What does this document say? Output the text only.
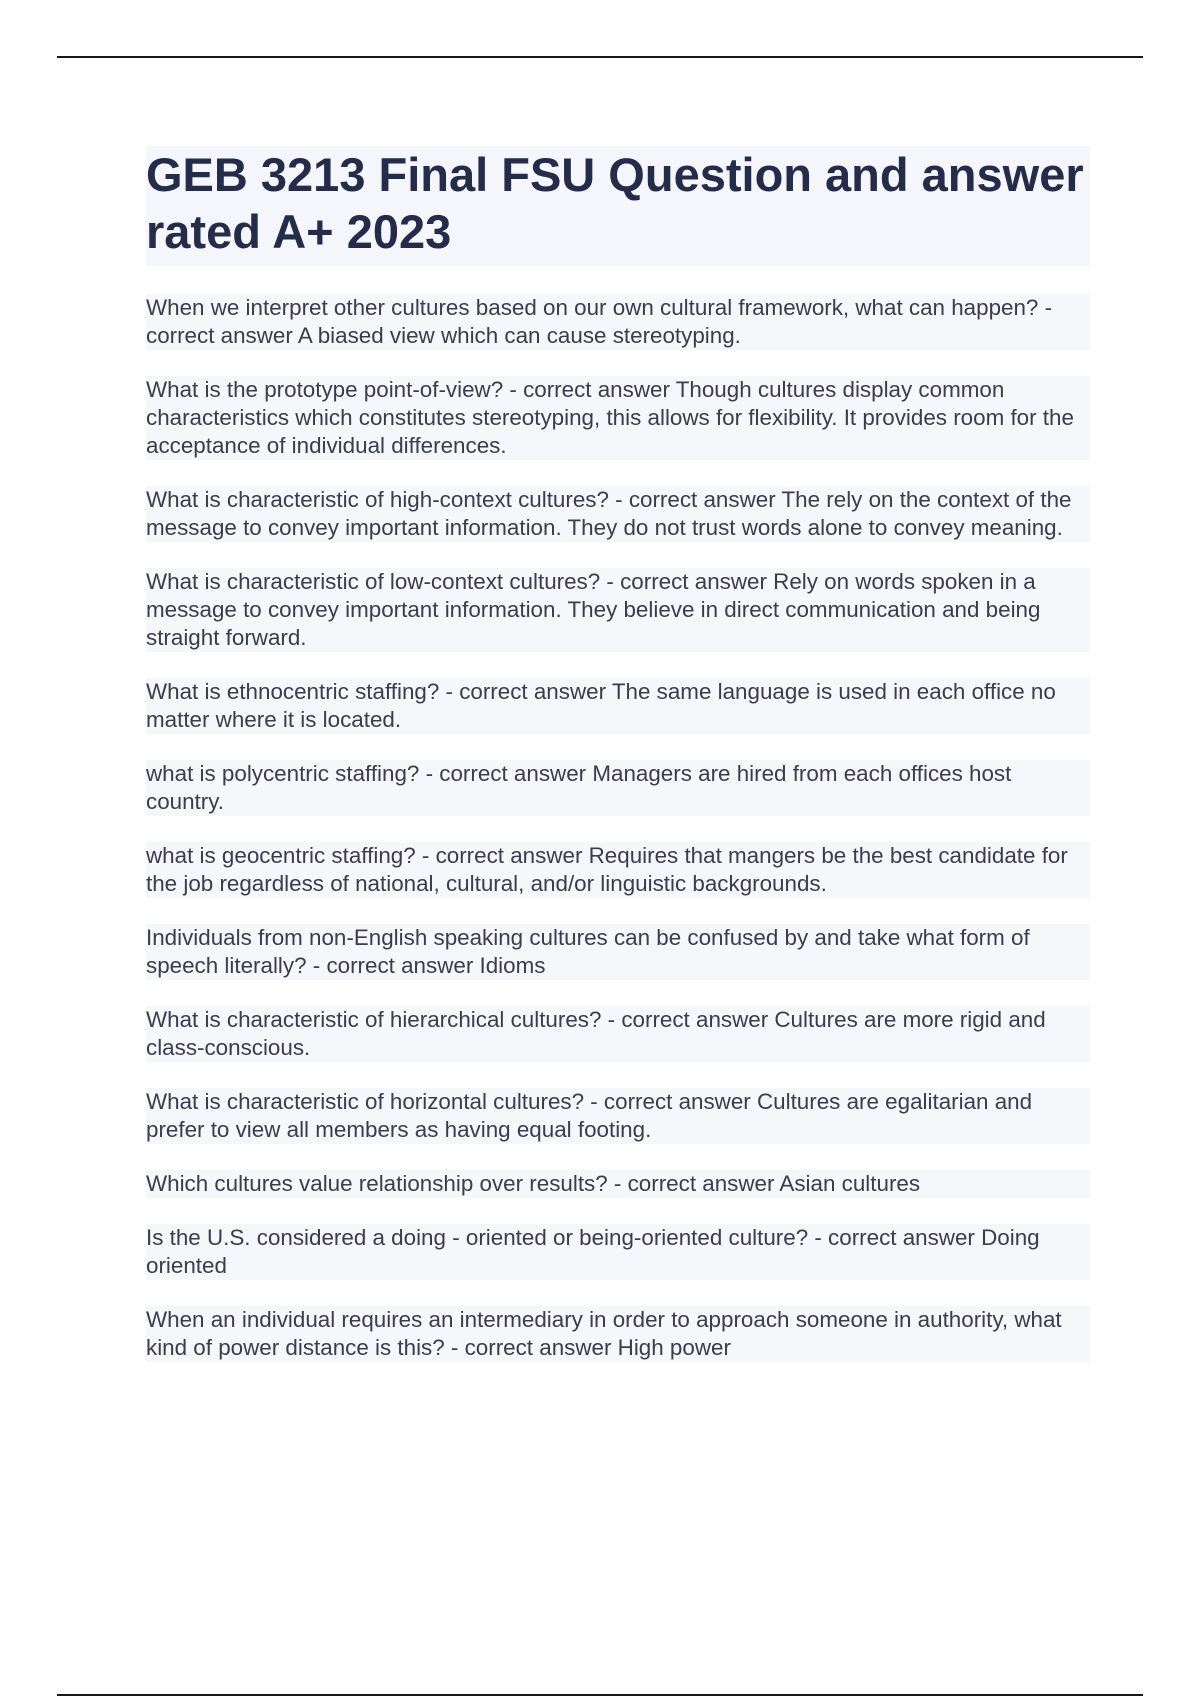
GEB 3213 Final FSU Question and answer rated A+ 2023

When we interpret other cultures based on our own cultural framework, what can happen? - correct answer A biased view which can cause stereotyping.

What is the prototype point-of-view? - correct answer Though cultures display common characteristics which constitutes stereotyping, this allows for flexibility. It provides room for the acceptance of individual differences.

What is characteristic of high-context cultures? - correct answer The rely on the context of the message to convey important information. They do not trust words alone to convey meaning.

What is characteristic of low-context cultures? - correct answer Rely on words spoken in a message to convey important information. They believe in direct communication and being straight forward.

What is ethnocentric staffing? - correct answer The same language is used in each office no matter where it is located.

what is polycentric staffing? - correct answer Managers are hired from each offices host country.

what is geocentric staffing? - correct answer Requires that mangers be the best candidate for the job regardless of national, cultural, and/or linguistic backgrounds.

Individuals from non-English speaking cultures can be confused by and take what form of speech literally? - correct answer Idioms

What is characteristic of hierarchical cultures? - correct answer Cultures are more rigid and class-conscious.

What is characteristic of horizontal cultures? - correct answer Cultures are egalitarian and prefer to view all members as having equal footing.

Which cultures value relationship over results? - correct answer Asian cultures

Is the U.S. considered a doing - oriented or being-oriented culture? - correct answer Doing oriented

When an individual requires an intermediary in order to approach someone in authority, what kind of power distance is this? - correct answer High power
